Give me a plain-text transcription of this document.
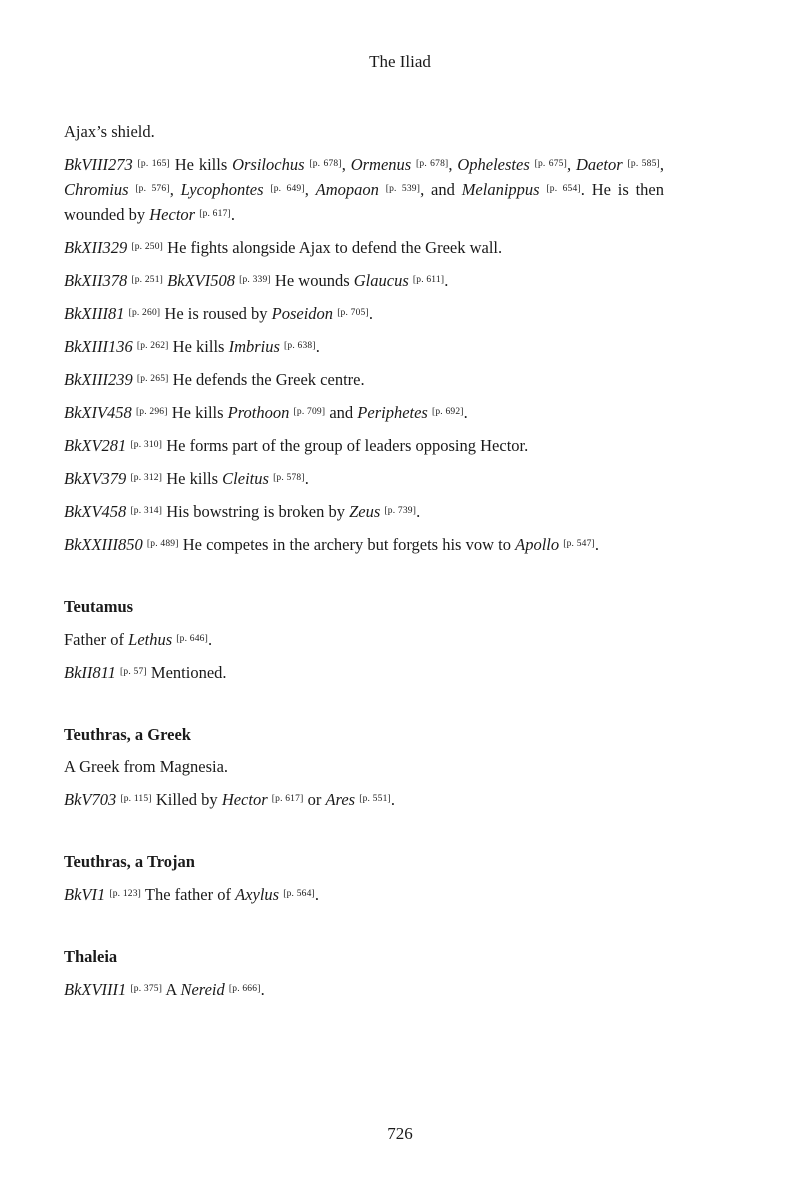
The Iliad

Ajax’s shield.

BkVIII273 [p. 165] He kills Orsilochus [p. 678], Ormenus [p. 678], Ophelestes [p. 675], Daetor [p. 585], Chromius [p. 576], Lycophontes [p. 649], Amopaon [p. 539], and Melanippus [p. 654]. He is then wounded by Hector [p. 617].

BkXII329 [p. 250] He fights alongside Ajax to defend the Greek wall.

BkXII378 [p. 251] BkXVI508 [p. 339] He wounds Glaucus [p. 611].

BkXIII81 [p. 260] He is roused by Poseidon [p. 705].

BkXIII136 [p. 262] He kills Imbrius [p. 638].

BkXIII239 [p. 265] He defends the Greek centre.

BkXIV458 [p. 296] He kills Prothoon [p. 709] and Periphetes [p. 692].

BkXV281 [p. 310] He forms part of the group of leaders opposing Hector.

BkXV379 [p. 312] He kills Cleitus [p. 578].

BkXV458 [p. 314] His bowstring is broken by Zeus [p. 739].

BkXXIII850 [p. 489] He competes in the archery but forgets his vow to Apollo [p. 547].

Teutamus

Father of Lethus [p. 646].

BkII811 [p. 57] Mentioned.

Teuthras, a Greek

A Greek from Magnesia.

BkV703 [p. 115] Killed by Hector [p. 617] or Ares [p. 551].

Teuthras, a Trojan

BkVI1 [p. 123] The father of Axylus [p. 564].

Thaleia

BkXVIII1 [p. 375] A Nereid [p. 666].

726
